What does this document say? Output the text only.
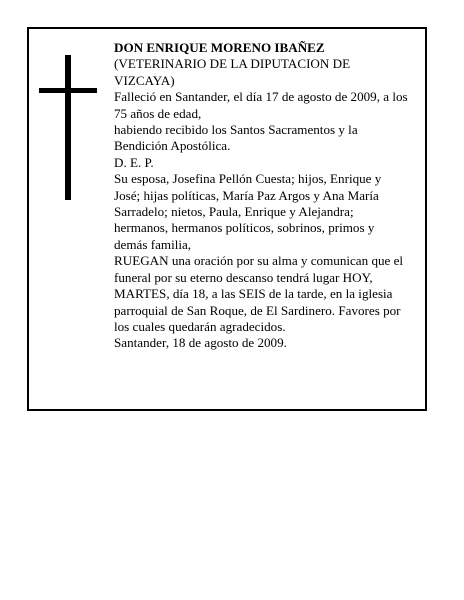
DON ENRIQUE MORENO IBAÑEZ
(VETERINARIO DE LA DIPUTACION DE
VIZCAYA)
Falleció en Santander, el día 17 de agosto de 2009, a los
75 años de edad,
habiendo recibido los Santos Sacramentos y la
Bendición Apostólica.
D. E. P.
Su esposa, Josefina Pellón Cuesta; hijos, Enrique y
José; hijas políticas, María Paz Argos y Ana María
Sarradelo; nietos, Paula, Enrique y Alejandra;
hermanos, hermanos políticos, sobrinos, primos y
demás familia,
RUEGAN una oración por su alma y comunican que el
funeral por su eterno descanso tendrá lugar HOY,
MARTES, día 18, a las SEIS de la tarde, en la iglesia
parroquial de San Roque, de El Sardinero. Favores por
los cuales quedarán agradecidos.
Santander, 18 de agosto de 2009.
